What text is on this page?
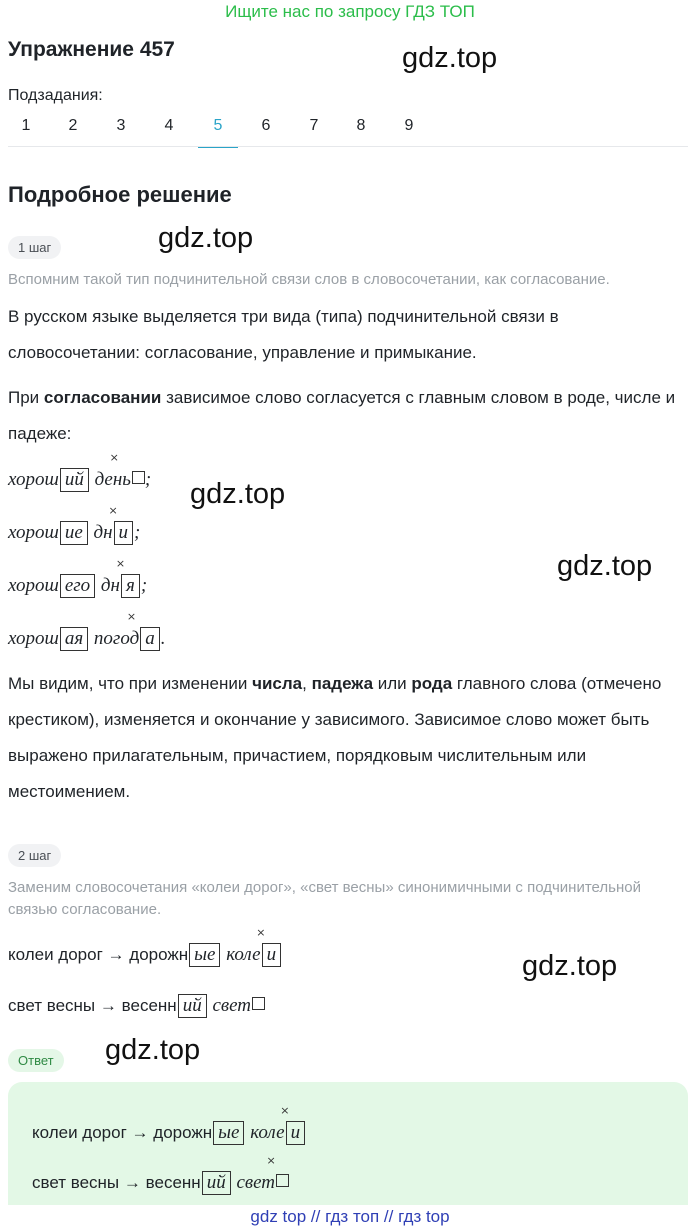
Ищите нас по запросу ГДЗ ТОП
Упражнение 457	gdz.top
Подзадания:
1	2	3	4	5	6	7	8	9
Подробное решение
1 шаг	gdz.top
Вспомним такой тип подчинительной связи слов в словосочетании, как согласование.
В русском языке выделяется три вида (типа) подчинительной связи в словосочетании: согласование, управление и примыкание.
При согласовании зависимое слово согласуется с главным словом в роде, числе и падеже:
хорош ий
×
день ; gdz.top
хорош ие
×
дн и ;
gdz.top
хорош его
×
дн я ;
хорош ая
×
погод а .
Мы видим, что при изменении числа, падежа или рода главного слова (отмечено крестиком), изменяется и окончание у зависимого. Зависимое слово может быть выражено прилагательным, причастием, порядковым числительным или местоимением.
2 шаг
Заменим словосочетания «колеи дорог», «свет весны» синонимичными с подчинительной связью согласование.
колеи дорог → дорожн ые
×
коле и	gdz.top
свет весны → весенн ий свет
Ответ	gdz.top
колеи дорог → дорожн ые
×
коле и
свет весны → весенн ий
×
свет
gdz top // гдз топ // гдз top
